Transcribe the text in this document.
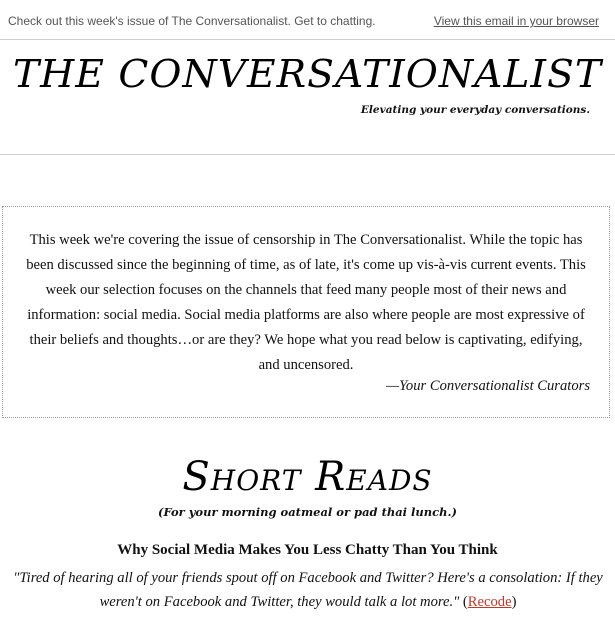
Check out this week's issue of The Conversationalist. Get to chatting.	View this email in your browser
THE CONVERSATIONALIST
Elevating your everyday conversations.

This week we're covering the issue of censorship in The Conversationalist. While the topic has been discussed since the beginning of time, as of late, it's come up vis-à-vis current events. This week our selection focuses on the channels that feed many people most of their news and information: social media. Social media platforms are also where people are most expressive of their beliefs and thoughts…or are they? We hope what you read below is captivating, edifying, and uncensored.

—Your Conversationalist Curators
Short Reads
(For your morning oatmeal or pad thai lunch.)
Why Social Media Makes You Less Chatty Than You Think
"Tired of hearing all of your friends spout off on Facebook and Twitter? Here's a consolation: If they weren't on Facebook and Twitter, they would talk a lot more." (Recode)
